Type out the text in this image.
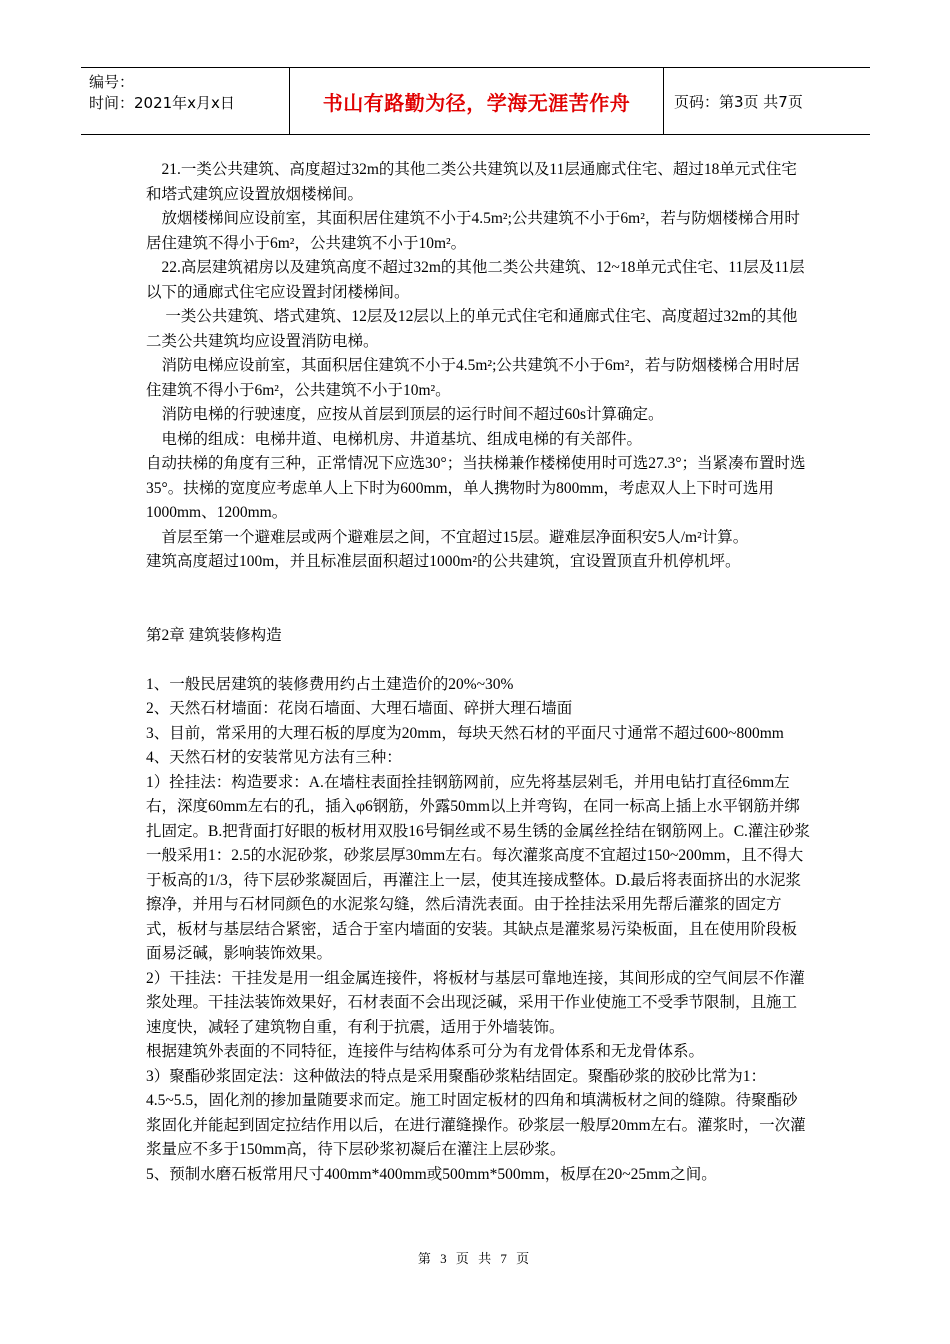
编号：
时间：2021年x月x日	书山有路勤为径，学海无涯苦作舟	页码：第3页 共7页

　21.一类公共建筑、高度超过32m的其他二类公共建筑以及11层通廊式住宅、超过18单元式住宅和塔式建筑应设置放烟楼梯间。

　放烟楼梯间应设前室，其面积居住建筑不小于4.5m²;公共建筑不小于6m²，若与防烟楼梯合用时居住建筑不得小于6m²，公共建筑不小于10m²。

　22.高层建筑裙房以及建筑高度不超过32m的其他二类公共建筑、12~18单元式住宅、11层及11层以下的通廊式住宅应设置封闭楼梯间。

　 一类公共建筑、塔式建筑、12层及12层以上的单元式住宅和通廊式住宅、高度超过32m的其他二类公共建筑均应设置消防电梯。

　消防电梯应设前室，其面积居住建筑不小于4.5m²;公共建筑不小于6m²，若与防烟楼梯合用时居住建筑不得小于6m²，公共建筑不小于10m²。

　消防电梯的行驶速度，应按从首层到顶层的运行时间不超过60s计算确定。

　电梯的组成：电梯井道、电梯机房、井道基坑、组成电梯的有关部件。

自动扶梯的角度有三种，正常情况下应选30°；当扶梯兼作楼梯使用时可选27.3°；当紧凑布置时选35°。扶梯的宽度应考虑单人上下时为600mm，单人携物时为800mm，考虑双人上下时可选用1000mm、1200mm。

　首层至第一个避难层或两个避难层之间，不宜超过15层。避难层净面积安5人/m²计算。

建筑高度超过100m，并且标准层面积超过1000m²的公共建筑，宜设置顶直升机停机坪。

第2章 建筑装修构造

1、一般民居建筑的装修费用约占土建造价的20%~30%

2、天然石材墙面：花岗石墙面、大理石墙面、碎拼大理石墙面

3、目前，常采用的大理石板的厚度为20mm，每块天然石材的平面尺寸通常不超过600~800mm

4、天然石材的安装常见方法有三种：

1）拴挂法：构造要求：A.在墙柱表面拴挂钢筋网前，应先将基层剁毛，并用电钻打直径6mm左右，深度60mm左右的孔，插入φ6钢筋，外露50mm以上并弯钩，在同一标高上插上水平钢筋并绑扎固定。B.把背面打好眼的板材用双股16号铜丝或不易生锈的金属丝拴结在钢筋网上。C.灌注砂浆一般采用1：2.5的水泥砂浆，砂浆层厚30mm左右。每次灌浆高度不宜超过150~200mm，且不得大于板高的1/3，待下层砂浆凝固后，再灌注上一层，使其连接成整体。D.最后将表面挤出的水泥浆擦净，并用与石材同颜色的水泥浆勾缝，然后清洗表面。由于拴挂法采用先帮后灌浆的固定方式，板材与基层结合紧密，适合于室内墙面的安装。其缺点是灌浆易污染板面，且在使用阶段板面易泛碱，影响装饰效果。

2）干挂法：干挂发是用一组金属连接件，将板材与基层可靠地连接，其间形成的空气间层不作灌浆处理。干挂法装饰效果好，石材表面不会出现泛碱，采用干作业使施工不受季节限制，且施工速度快，减轻了建筑物自重，有利于抗震，适用于外墙装饰。

根据建筑外表面的不同特征，连接件与结构体系可分为有龙骨体系和无龙骨体系。

3）聚酯砂浆固定法：这种做法的特点是采用聚酯砂浆粘结固定。聚酯砂浆的胶砂比常为1：4.5~5.5，固化剂的掺加量随要求而定。施工时固定板材的四角和填满板材之间的缝隙。待聚酯砂浆固化并能起到固定拉结作用以后，在进行灌缝操作。砂浆层一般厚20mm左右。灌浆时，一次灌浆量应不多于150mm高，待下层砂浆初凝后在灌注上层砂浆。

5、预制水磨石板常用尺寸400mm*400mm或500mm*500mm，板厚在20~25mm之间。

第 3 页 共 7 页
